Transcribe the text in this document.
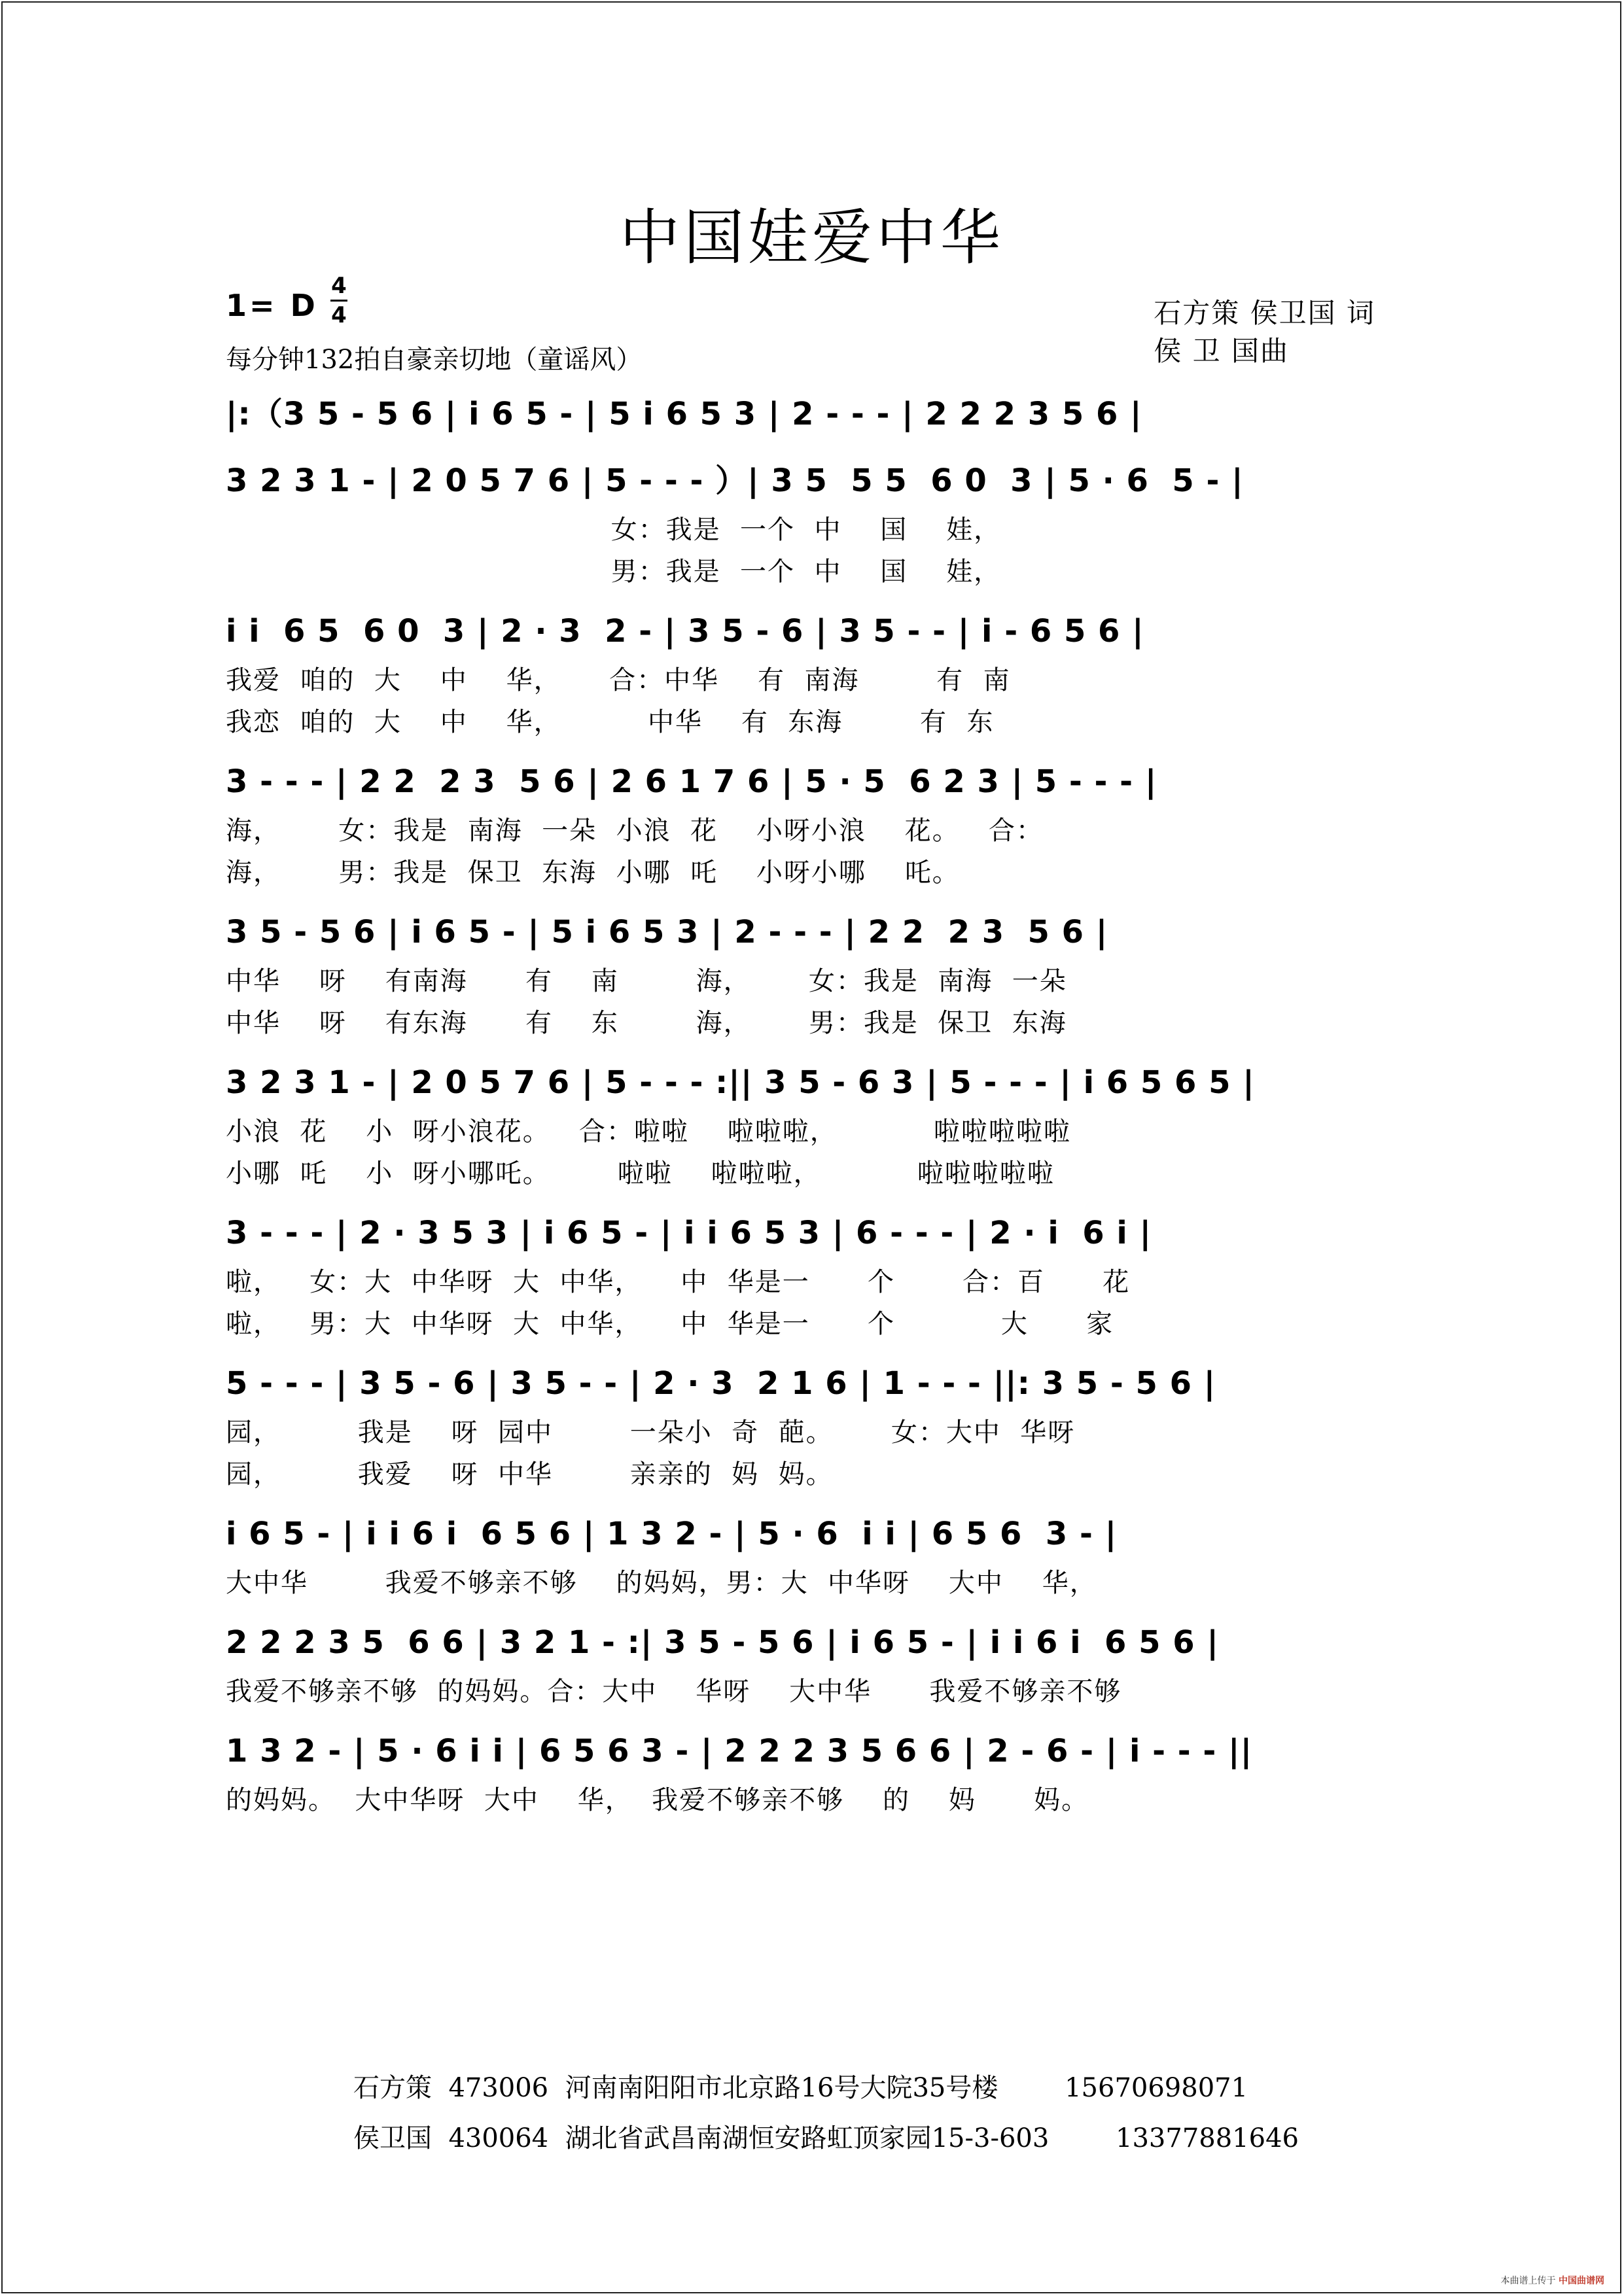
中国娃爱中华
1= D
4
4
每分钟132拍自豪亲切地（童谣风）
石方策 侯卫国 词
侯 卫 国曲
|:（3 5 - 5 6 | i 6 5 - | 5 i 6 5 3 | 2 - - - | 2 2 2 3 5 6 |
3 2 3 1 - | 2 0 5 7 6 | 5 - - - ）| 3 5  5 5  6 0  3 | 5 · 6  5 - |
女：我是  一个  中    国    娃，
男：我是  一个  中    国    娃，
i i  6 5  6 0  3 | 2 · 3  2 - | 3 5 - 6 | 3 5 - - | i - 6 5 6 |
我爱  咱的  大    中    华，     合：中华    有  南海        有  南
我恋  咱的  大    中    华，         中华    有  东海        有  东
3 - - - | 2 2  2 3  5 6 | 2 6 1 7 6 | 5 · 5  6 2 3 | 5 - - - |
海，      女：我是  南海  一朵  小浪  花    小呀小浪    花。   合：
海，      男：我是  保卫  东海  小哪  吒    小呀小哪    吒。
3 5 - 5 6 | i 6 5 - | 5 i 6 5 3 | 2 - - - | 2 2  2 3  5 6 |
中华    呀    有南海      有    南        海，      女：我是  南海  一朵
中华    呀    有东海      有    东        海，      男：我是  保卫  东海
3 2 3 1 - | 2 0 5 7 6 | 5 - - - :|| 3 5 - 6 3 | 5 - - - | i 6 5 6 5 |
小浪  花    小  呀小浪花。   合：啦啦    啦啦啦，          啦啦啦啦啦
小哪  吒    小  呀小哪吒。       啦啦    啦啦啦，          啦啦啦啦啦
3 - - - | 2 · 3 5 3 | i 6 5 - | i i 6 5 3 | 6 - - - | 2 · i  6 i |
啦，   女：大  中华呀  大  中华，    中  华是一      个       合：百      花
啦，   男：大  中华呀  大  中华，    中  华是一      个           大      家
5 - - - | 3 5 - 6 | 3 5 - - | 2 · 3  2 1 6 | 1 - - - ||: 3 5 - 5 6 |
园，        我是    呀  园中        一朵小  奇  葩。      女：大中  华呀
园，        我爱    呀  中华        亲亲的  妈  妈。
i 6 5 - | i i 6 i  6 5 6 | 1 3 2 - | 5 · 6  i i | 6 5 6  3 - |
大中华        我爱不够亲不够    的妈妈，男：大  中华呀    大中    华，
2 2 2 3 5  6 6 | 3 2 1 - :| 3 5 - 5 6 | i 6 5 - | i i 6 i  6 5 6 |
我爱不够亲不够  的妈妈。合：大中    华呀    大中华      我爱不够亲不够
1 3 2 - | 5 · 6 i i | 6 5 6 3 - | 2 2 2 3 5 6 6 | 2 - 6 - | i - - - ||
的妈妈。  大中华呀  大中    华，  我爱不够亲不够    的    妈      妈。
石方策 473006 河南南阳阳市北京路16号大院35号楼	15670698071
侯卫国 430064 湖北省武昌南湖恒安路虹顶家园15-3-603	13377881646
本曲谱上传于 中国曲谱网
